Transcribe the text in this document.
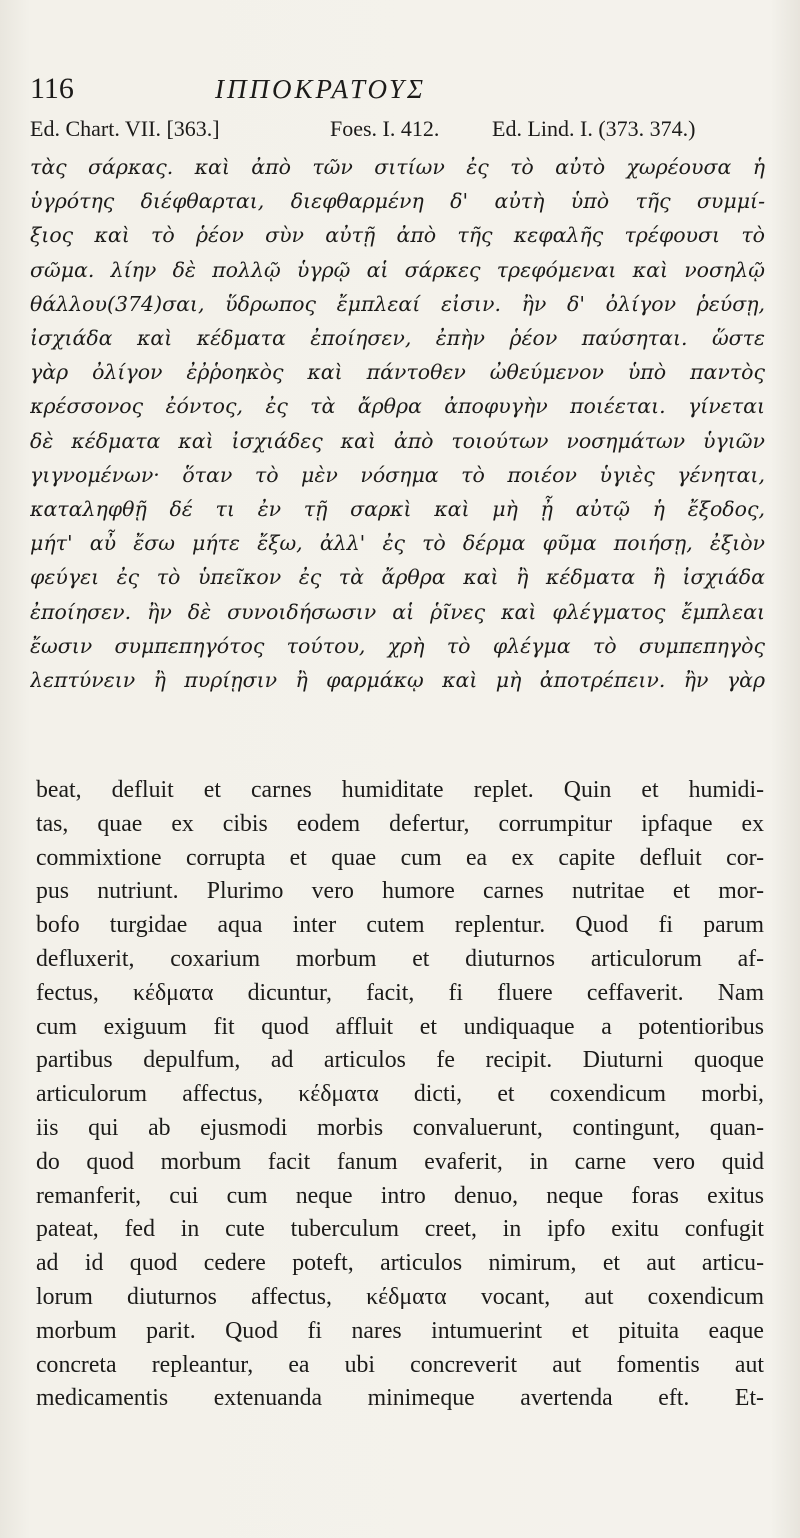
116	ΙΠΠΟΚΡΑΤΟΥΣ
Ed. Chart. VII. [363.]	Foes. I. 412. Ed. Lind. I. (373. 374.)
τὰς σάρκας. καὶ ἀπὸ τῶν σιτίων ἐς τὸ αὐτὸ χωρέουσα ἡ
ὑγρότης διέφθαρται, διεφθαρμένη δ' αὐτὴ ὑπὸ τῆς συμμί-
ξιος καὶ τὸ ῥέον σὺν αὐτῇ ἀπὸ τῆς κεφαλῆς τρέφουσι τὸ
σῶμα. λίην δὲ πολλῷ ὑγρῷ αἱ σάρκες τρεφόμεναι καὶ νοσηλῷ
θάλλου(374)σαι, ὕδρωπος ἔμπλεαί εἰσιν. ἢν δ' ὀλίγον ῥεύσῃ,
ἰσχιάδα καὶ κέδματα ἐποίησεν, ἐπὴν ῥέον παύσηται. ὥστε
γὰρ ὀλίγον ἐῤῥοηκὸς καὶ πάντοθεν ὠθεύμενον ὑπὸ παντὸς
κρέσσονος ἐόντος, ἐς τὰ ἄρθρα ἀποφυγὴν ποιέεται. γίνεται
δὲ κέδματα καὶ ἰσχιάδες καὶ ἀπὸ τοιούτων νοσημάτων ὑγιῶν
γιγνομένων· ὅταν τὸ μὲν νόσημα τὸ ποιέον ὑγιὲς γένηται,
καταληφθῇ δέ τι ἐν τῇ σαρκὶ καὶ μὴ ᾖ αὐτῷ ἡ ἔξοδος,
μήτ' αὖ ἔσω μήτε ἔξω, ἀλλ' ἐς τὸ δέρμα φῦμα ποιήσῃ, ἐξιὸν
φεύγει ἐς τὸ ὑπεῖκον ἐς τὰ ἄρθρα καὶ ἢ κέδματα ἢ ἰσχιάδα
ἐποίησεν. ἢν δὲ συνοιδήσωσιν αἱ ῥῖνες καὶ φλέγματος ἔμπλεαι
ἔωσιν συμπεπηγότος τούτου, χρὴ τὸ φλέγμα τὸ συμπεπηγὸς
λεπτύνειν ἢ πυρίῃσιν ἢ φαρμάκῳ καὶ μὴ ἀποτρέπειν. ἢν γὰρ
beat, defluit et carnes humiditate replet. Quin et humidi-
tas, quae ex cibis eodem defertur, corrumpitur ipfaque ex
commixtione corrupta et quae cum ea ex capite defluit cor-
pus nutriunt. Plurimo vero humore carnes nutritae et mor-
bofo turgidae aqua inter cutem replentur. Quod fi parum
defluxerit, coxarium morbum et diuturnos articulorum af-
fectus, κέδματα dicuntur, facit, fi fluere ceffaverit. Nam
cum exiguum fit quod affluit et undiquaque a potentioribus
partibus depulfum, ad articulos fe recipit. Diuturni quoque
articulorum affectus, κέδματα dicti, et coxendicum morbi,
iis qui ab ejusmodi morbis convaluerunt, contingunt, quan-
do quod morbum facit fanum evaferit, in carne vero quid
remanferit, cui cum neque intro denuo, neque foras exitus
pateat, fed in cute tuberculum creet, in ipfo exitu confugit
ad id quod cedere poteft, articulos nimirum, et aut articu-
lorum diuturnos affectus, κέδματα vocant, aut coxendicum
morbum parit. Quod fi nares intumuerint et pituita eaque
concreta repleantur, ea ubi concreverit aut fomentis aut
medicamentis extenuanda minimeque avertenda eft. Et-
